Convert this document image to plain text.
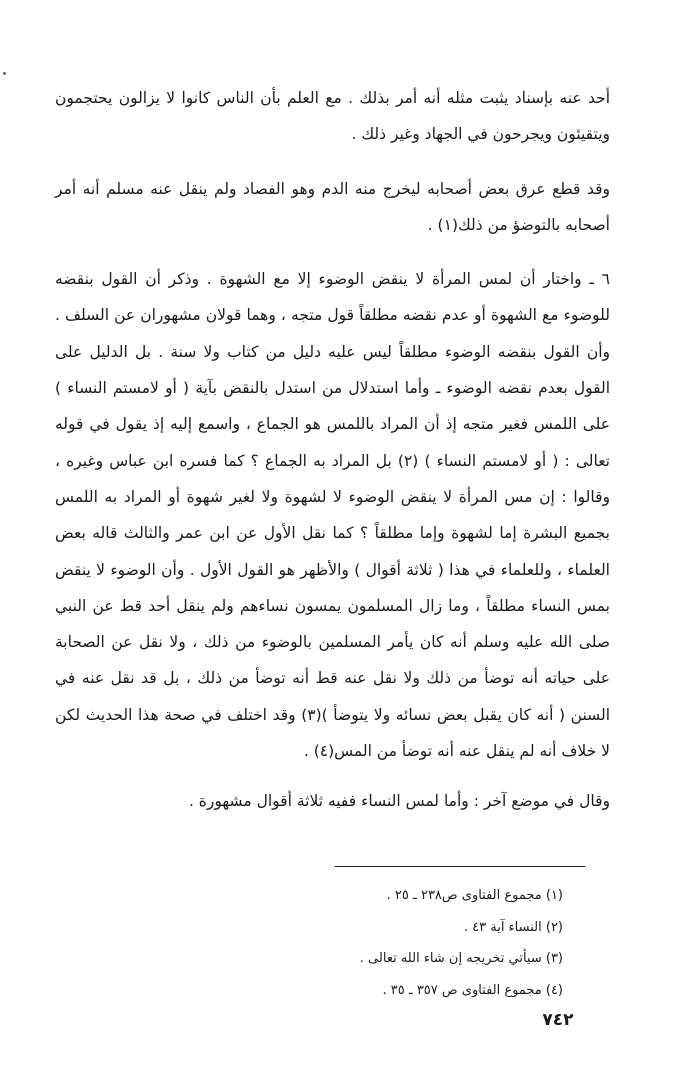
أحد عنه بإسناد يثبت مثله أنه أمر بذلك . مع العلم بأن الناس كانوا لا يزالون يحتجمون ويتقيئون ويجرحون في الجهاد وغير ذلك .

وقد قطع عرق بعض أصحابه ليخرج منه الدم وهو الفصاد ولم ينقل عنه مسلم أنه أمر أصحابه بالتوضؤ من ذلك(١) .

٦ ـ واختار أن لمس المرأة لا ينقض الوضوء إلا مع الشهوة . وذكر أن القول بنقضه للوضوء مع الشهوة أو عدم نقضه مطلقاً قول متجه ، وهما قولان مشهوران عن السلف . وأن القول بنقضه الوضوء مطلقاً ليس عليه دليل من كتاب ولا سنة . بل الدليل على القول بعدم نقضه الوضوء ـ وأما استدلال من استدل بالنقض بآية ( أو لامستم النساء ) على اللمس فغير متجه إذ أن المراد باللمس هو الجماع ، واسمع إليه إذ يقول في قوله تعالى : ( أو لامستم النساء ) (٢) بل المراد به الجماع ؟ كما فسره ابن عباس وغيره ، وقالوا : إن مس المرأة لا ينقض الوضوء لا لشهوة ولا لغير شهوة أو المراد به اللمس بجميع البشرة إما لشهوة وإما مطلقاً ؟ كما نقل الأول عن ابن عمر والثالث قاله بعض العلماء ، وللعلماء في هذا ( ثلاثة أقوال ) والأظهر هو القول الأول . وأن الوضوء لا ينقض بمس النساء مطلقاً ، وما زال المسلمون يمسون نساءهم ولم ينقل أحد قط عن النبي صلى الله عليه وسلم أنه كان يأمر المسلمين بالوضوء من ذلك ، ولا نقل عن الصحابة على حياته أنه توضأ من ذلك ولا نقل عنه قط أنه توضأ من ذلك ، بل قد نقل عنه في السنن ( أنه كان يقبل بعض نسائه ولا يتوضأ )(٣) وقد اختلف في صحة هذا الحديث لكن لا خلاف أنه لم ينقل عنه أنه توضأ من المس(٤) .

وقال في موضع آخر : وأما لمس النساء ففيه ثلاثة أقوال مشهورة .

(١) مجموع الفتاوى ص٢٣٨ ـ ٢٥ .

(٢) النساء آية ٤٣ .

(٣) سيأتي تخريجه إن شاء الله تعالى .

(٤) مجموع الفتاوى ص ٣٥٧ ـ ٣٥ .

٧٤٢
